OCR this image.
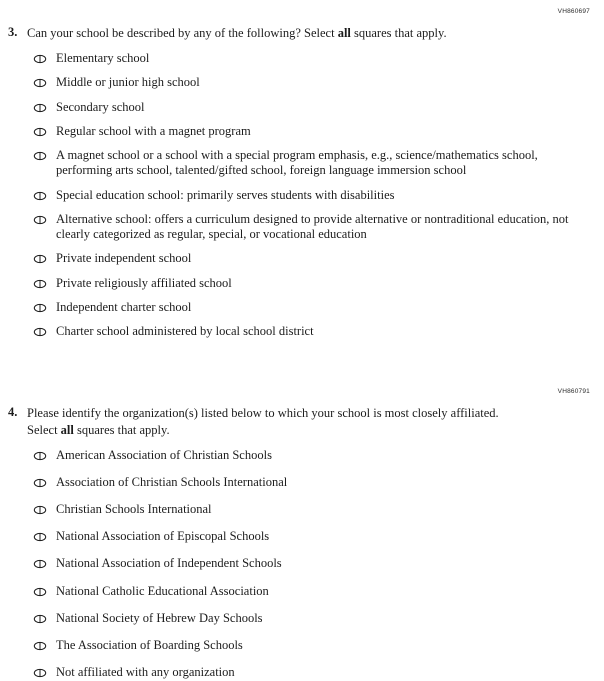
VH860697
3. Can your school be described by any of the following? Select all squares that apply.
Elementary school
Middle or junior high school
Secondary school
Regular school with a magnet program
A magnet school or a school with a special program emphasis, e.g., science/mathematics school, performing arts school, talented/gifted school, foreign language immersion school
Special education school: primarily serves students with disabilities
Alternative school: offers a curriculum designed to provide alternative or nontraditional education, not clearly categorized as regular, special, or vocational education
Private independent school
Private religiously affiliated school
Independent charter school
Charter school administered by local school district
VH860791
4. Please identify the organization(s) listed below to which your school is most closely affiliated. Select all squares that apply.
American Association of Christian Schools
Association of Christian Schools International
Christian Schools International
National Association of Episcopal Schools
National Association of Independent Schools
National Catholic Educational Association
National Society of Hebrew Day Schools
The Association of Boarding Schools
Not affiliated with any organization
